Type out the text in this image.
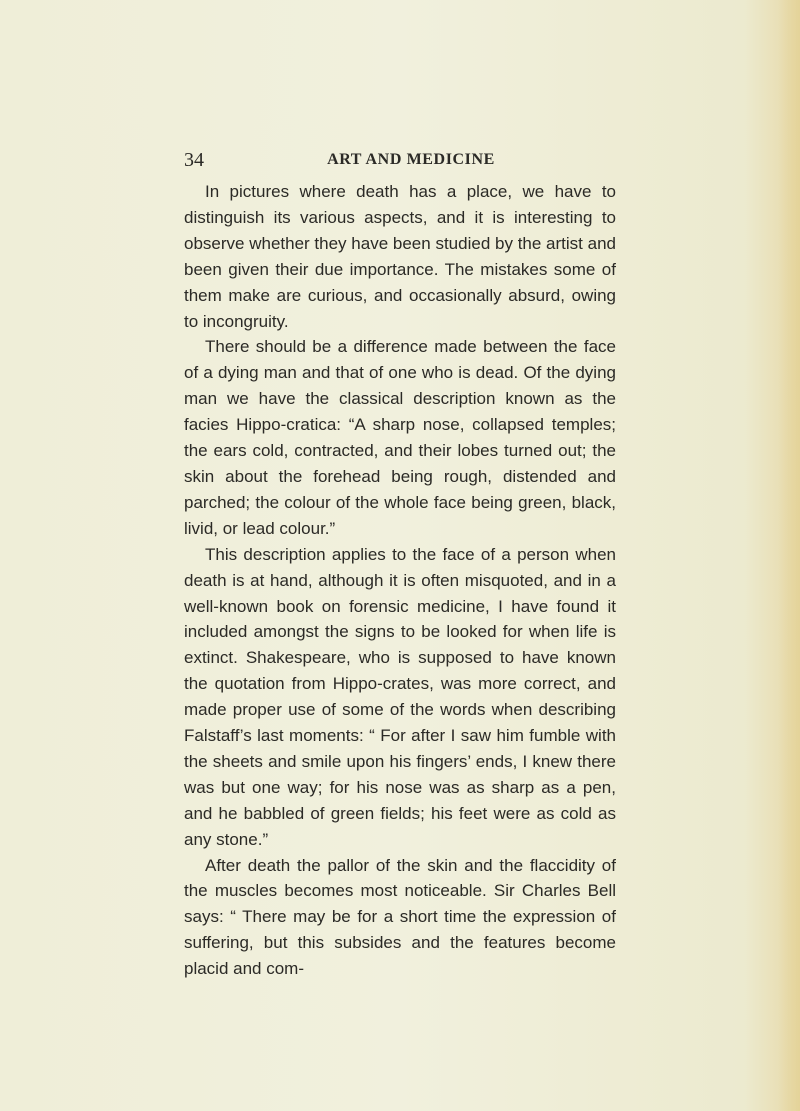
34	ART AND MEDICINE

In pictures where death has a place, we have to distinguish its various aspects, and it is interesting to observe whether they have been studied by the artist and been given their due importance. The mistakes some of them make are curious, and occasionally absurd, owing to incongruity.

There should be a difference made between the face of a dying man and that of one who is dead. Of the dying man we have the classical description known as the facies Hippo-cratica: “A sharp nose, collapsed temples; the ears cold, contracted, and their lobes turned out; the skin about the forehead being rough, distended and parched; the colour of the whole face being green, black, livid, or lead colour.”

This description applies to the face of a person when death is at hand, although it is often misquoted, and in a well-known book on forensic medicine, I have found it included amongst the signs to be looked for when life is extinct. Shakespeare, who is supposed to have known the quotation from Hippo-crates, was more correct, and made proper use of some of the words when describing Falstaff’s last moments: “ For after I saw him fumble with the sheets and smile upon his fingers’ ends, I knew there was but one way; for his nose was as sharp as a pen, and he babbled of green fields; his feet were as cold as any stone.”

After death the pallor of the skin and the flaccidity of the muscles becomes most noticeable. Sir Charles Bell says: “ There may be for a short time the expression of suffering, but this subsides and the features become placid and com-
